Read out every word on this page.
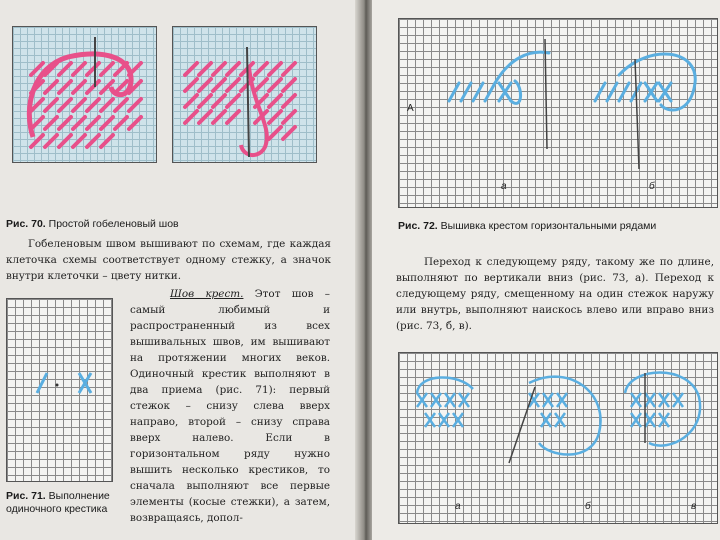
Рис. 70. Простой гобеленовый шов
Гобеленовым швом вышивают по схемам, где каждая клеточка схемы соответствует одному стежку, а значок внутри клеточки – цвету нитки.
Рис. 71. Выполнение одиночного крестика
Шов крест. Этот шов – самый любимый и распространенный из всех вышивальных швов, им вышивают на протяжении многих веков. Одиночный крестик выполняют в два приема (рис. 71): первый стежок – снизу слева вверх направо, второй – снизу справа вверх налево. Если в горизонтальном ряду нужно вышить несколько крестиков, то сначала выполняют все первые элементы (косые стежки), а затем, возвращаясь, допол-
А
а	б
Рис. 72. Вышивка крестом горизонтальными рядами
Переход к следующему ряду, такому же по длине, выполняют по вертикали вниз (рис. 73, а). Переход к следующему ряду, смещенному на один стежок наружу или внутрь, выполняют наискось влево или вправо вниз (рис. 73, б, в).
а	б	в
